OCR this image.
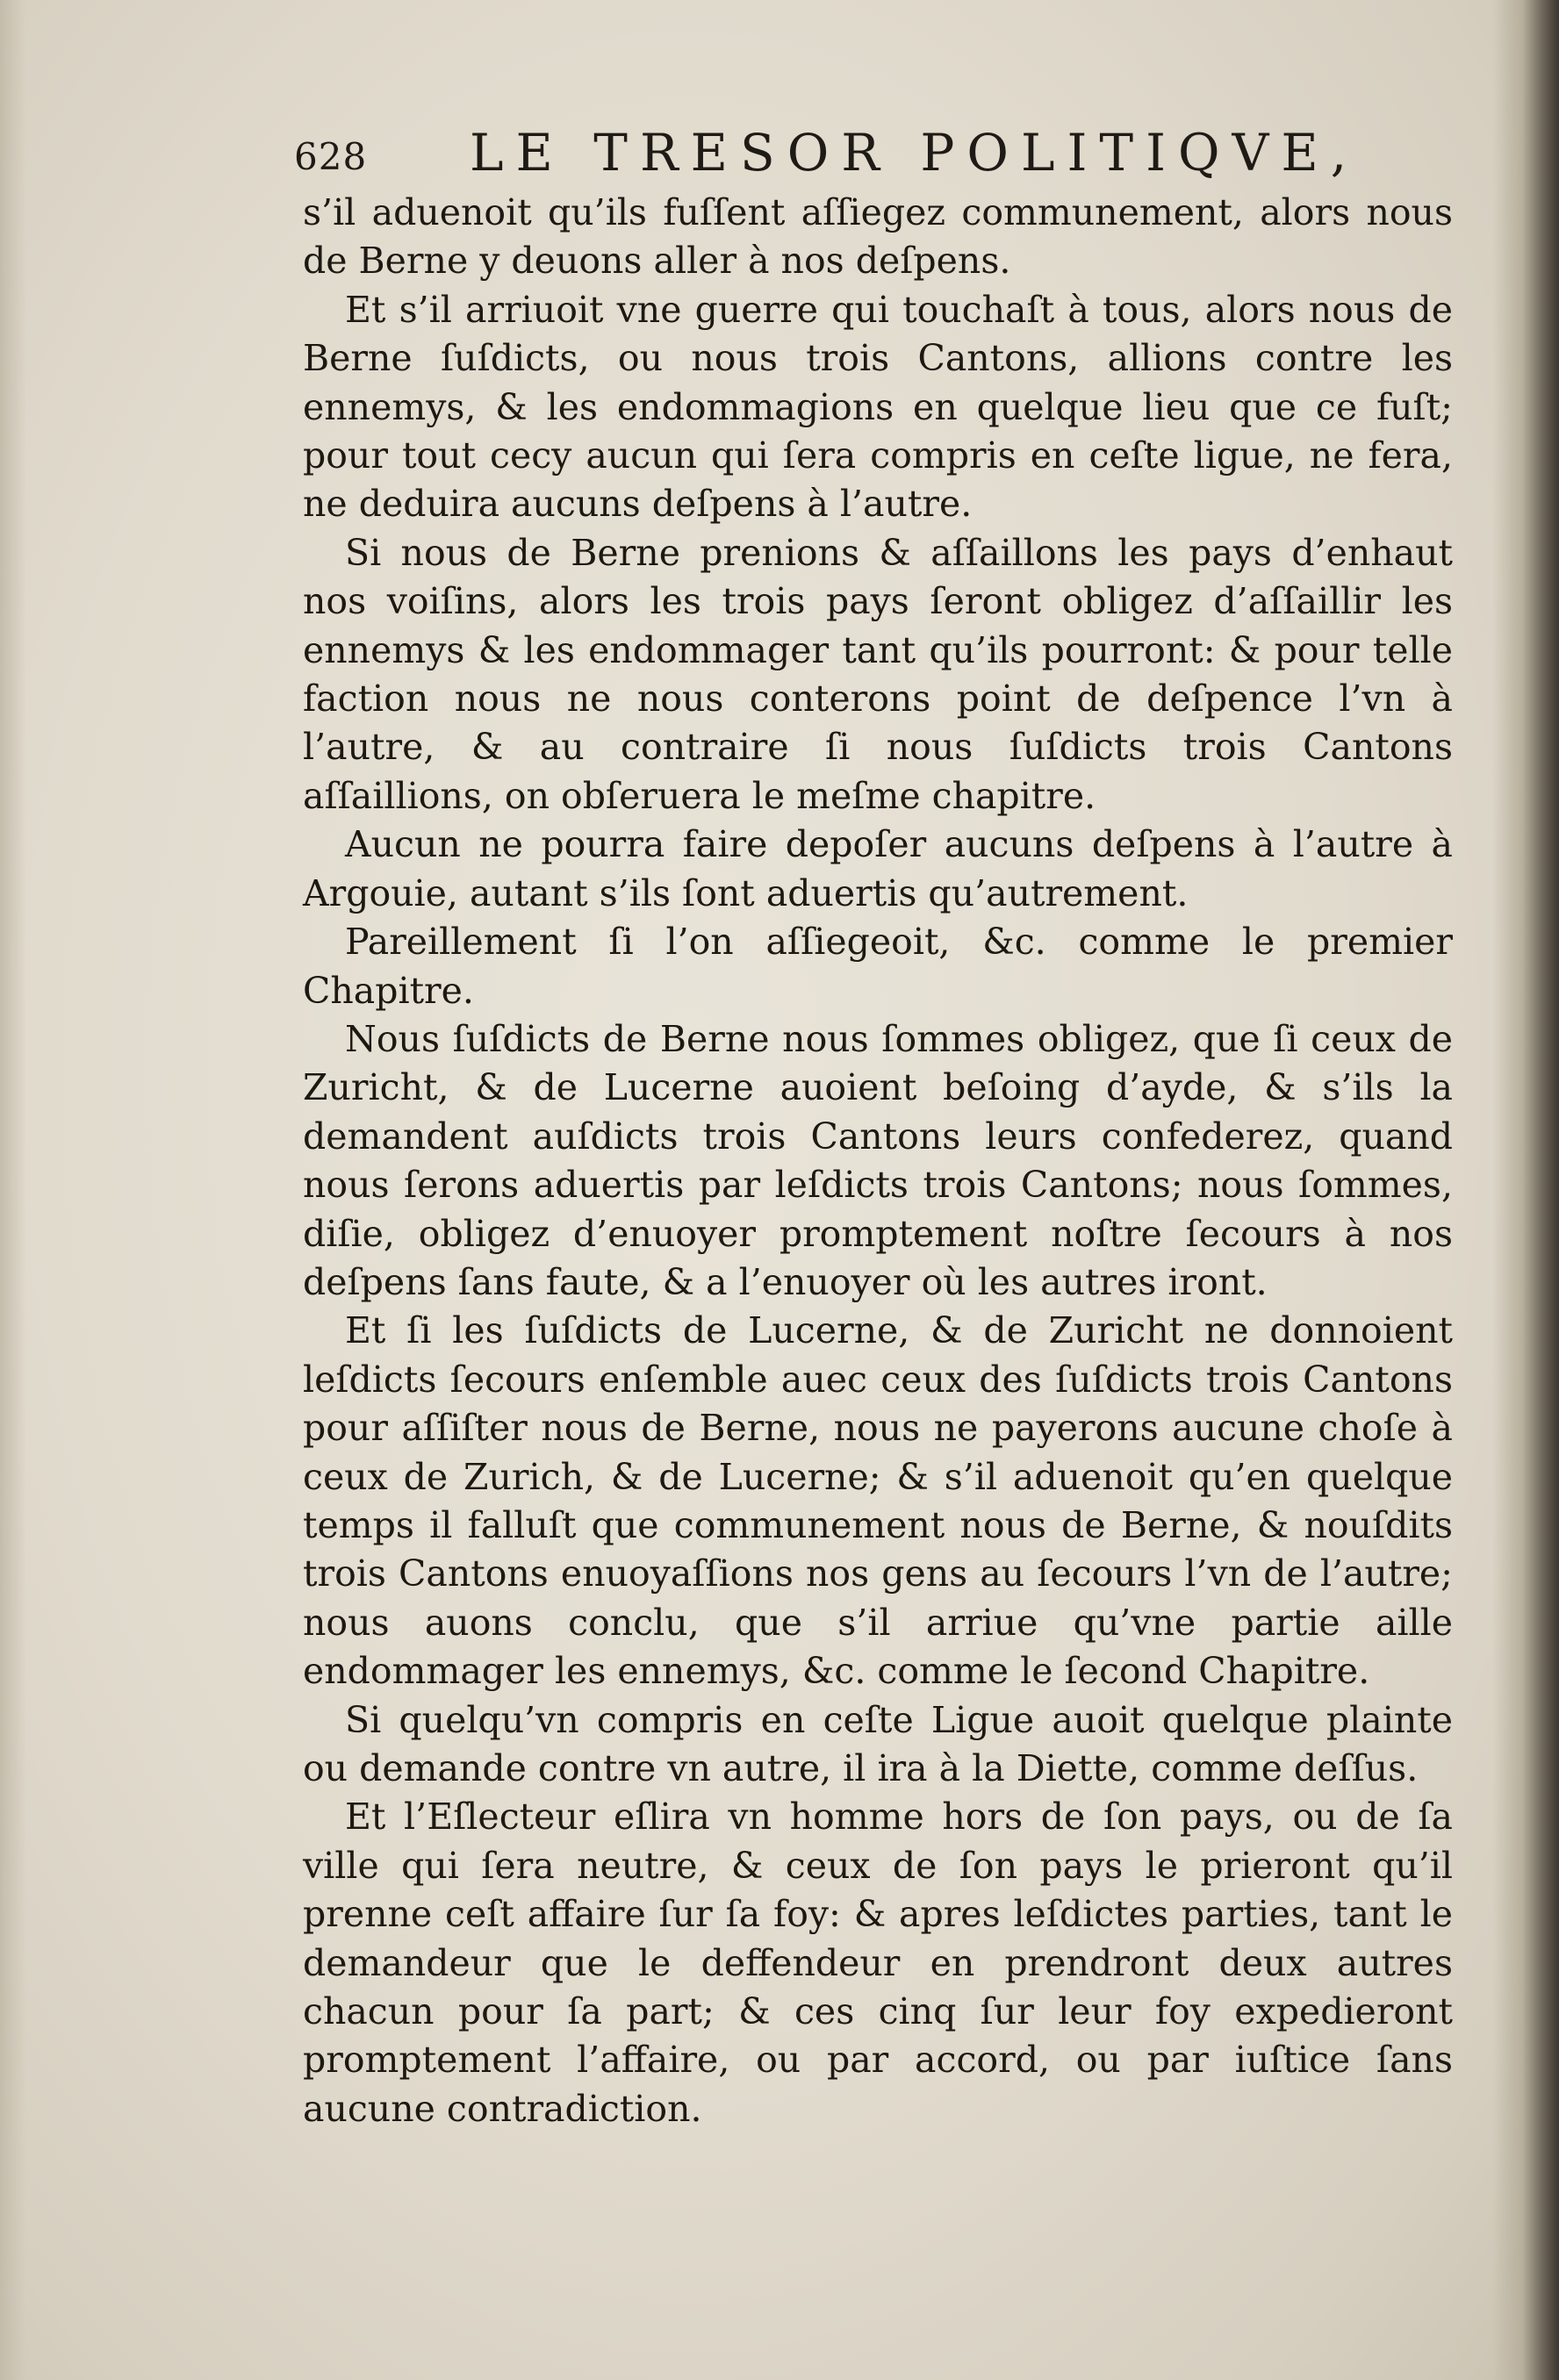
628 LE TRESOR POLITIQVE,

s’il aduenoit qu’ils fuſſent aſſiegez communement, alors nous de Berne y deuons aller à nos deſpens.

Et s’il arriuoit vne guerre qui touchaſt à tous, alors nous de Berne ſuſdicts, ou nous trois Cantons, allions contre les ennemys, & les endommagions en quelque lieu que ce fuſt; pour tout cecy aucun qui ſera compris en ceſte ligue, ne fera, ne deduira aucuns deſpens à l’autre.

Si nous de Berne prenions & aſſaillons les pays d’enhaut nos voiſins, alors les trois pays ſeront obligez d’aſſaillir les ennemys & les endommager tant qu’ils pourront: & pour telle faction nous ne nous conterons point de deſpence l’vn à l’autre, & au contraire ſi nous ſuſdicts trois Cantons aſſaillions, on obſeruera le meſme chapitre.

Aucun ne pourra faire depoſer aucuns deſpens à l’autre à Argouie, autant s’ils ſont aduertis qu’autrement.

Pareillement ſi l’on aſſiegeoit, &c. comme le premier Chapitre.

Nous ſuſdicts de Berne nous ſommes obligez, que ſi ceux de Zuricht, & de Lucerne auoient beſoing d’ayde, & s’ils la demandent auſdicts trois Cantons leurs confederez, quand nous ſerons aduertis par leſdicts trois Cantons; nous ſommes, diſie, obligez d’enuoyer promptement noſtre ſecours à nos deſpens ſans faute, & a l’enuoyer où les autres iront.

Et ſi les ſuſdicts de Lucerne, & de Zuricht ne donnoient leſdicts ſecours enſemble auec ceux des ſuſdicts trois Cantons pour aſſiſter nous de Berne, nous ne payerons aucune choſe à ceux de Zurich, & de Lucerne; & s’il aduenoit qu’en quelque temps il falluſt que communement nous de Berne, & nouſdits trois Cantons enuoyaſſions nos gens au ſecours l’vn de l’autre; nous auons conclu, que s’il arriue qu’vne partie aille endommager les ennemys, &c. comme le ſecond Chapitre.

Si quelqu’vn compris en ceſte Ligue auoit quelque plainte ou demande contre vn autre, il ira à la Diette, comme deſſus.

Et l’Eſlecteur eſlira vn homme hors de ſon pays, ou de ſa ville qui ſera neutre, & ceux de ſon pays le prieront qu’il prenne ceſt affaire ſur ſa foy: & apres leſdictes parties, tant le demandeur que le deffendeur en prendront deux autres chacun pour ſa part; & ces cinq ſur leur foy expedieront promptement l’affaire, ou par accord, ou par iuſtice ſans aucune contradiction.
